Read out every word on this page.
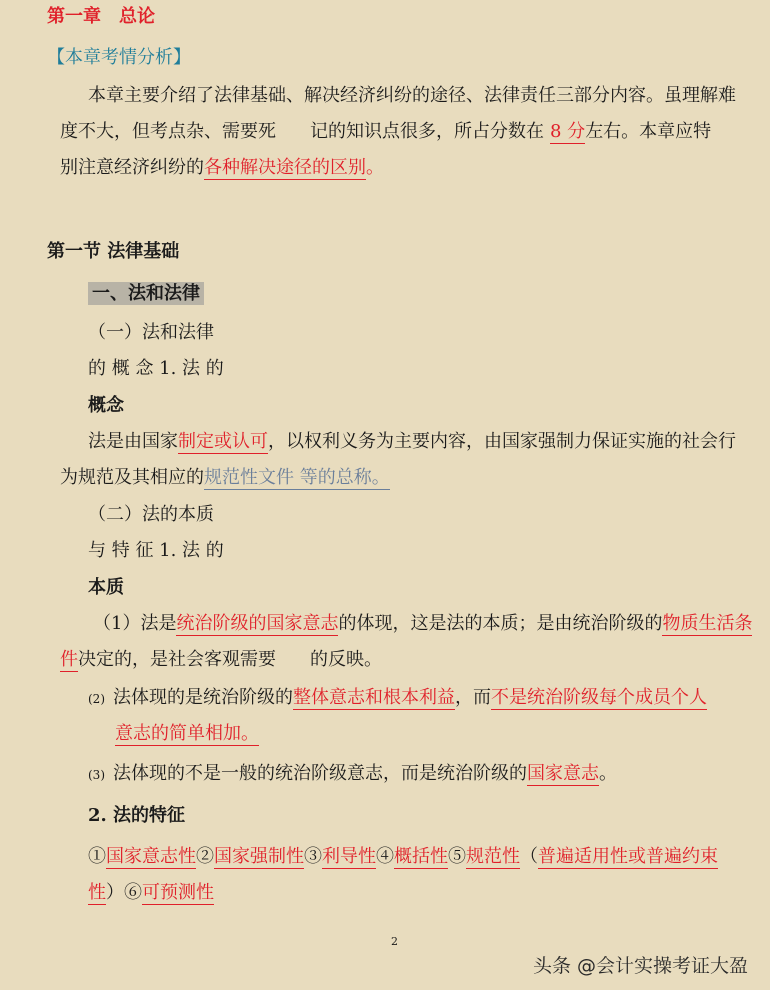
第一章　总论
【本章考情分析】
本章主要介绍了法律基础、解决经济纠纷的途径、法律责任三部分内容。虽理解难
度不大，但考点杂、需要死 记的知识点很多，所占分数在 8 分左右。本章应特
别注意经济纠纷的各种解决途径的区别。
第一节 法律基础
一、法和法律
（一）法和法律
的 概 念 1. 法 的
概念
法是由国家制定或认可，以权利义务为主要内容，由国家强制力保证实施的社会行
为规范及其相应的规范性文件 等的总称。
（二）法的本质
与 特 征 1. 法 的
本质
（1）法是统治阶级的国家意志的体现，这是法的本质；是由统治阶级的物质生活条
件决定的，是社会客观需要 的反映。
(2) 法体现的是统治阶级的整体意志和根本利益，而不是统治阶级每个成员个人
意志的简单相加。
(3) 法体现的不是一般的统治阶级意志，而是统治阶级的国家意志。
2. 法的特征
①国家意志性②国家强制性③利导性④概括性⑤规范性（普遍适用性或普遍约束
性）⑥可预测性
2
头条 @会计实操考证大盈
